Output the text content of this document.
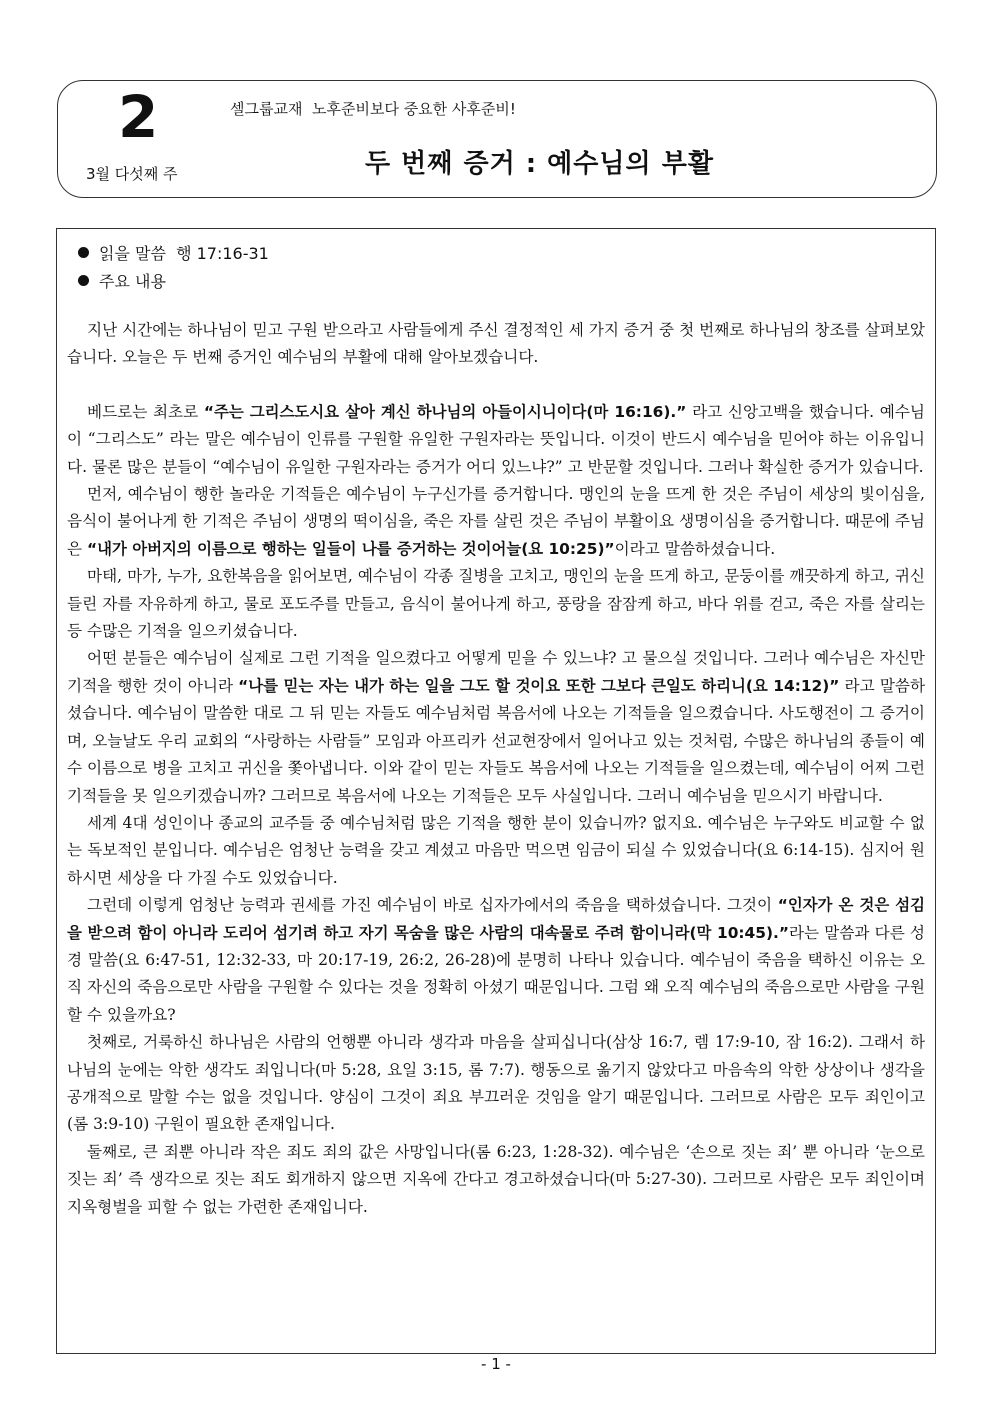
2
3월 다섯째 주
셀그룹교재  노후준비보다 중요한 사후준비!
두 번째 증거 : 예수님의 부활
읽을 말씀  행 17:16-31
주요 내용

지난 시간에는 하나님이 믿고 구원 받으라고 사람들에게 주신 결정적인 세 가지 증거 중 첫 번째로 하나님의 창조를 살펴보았습니다. 오늘은 두 번째 증거인 예수님의 부활에 대해 알아보겠습니다.

베드로는 최초로 “주는 그리스도시요 살아 계신 하나님의 아들이시니이다(마 16:16).” 라고 신앙고백을 했습니다. 예수님이 “그리스도” 라는 말은 예수님이 인류를 구원할 유일한 구원자라는 뜻입니다. 이것이 반드시 예수님을 믿어야 하는 이유입니다. 물론 많은 분들이 “예수님이 유일한 구원자라는 증거가 어디 있느냐?” 고 반문할 것입니다. 그러나 확실한 증거가 있습니다.

먼저, 예수님이 행한 놀라운 기적들은 예수님이 누구신가를 증거합니다. 맹인의 눈을 뜨게 한 것은 주님이 세상의 빛이심을, 음식이 불어나게 한 기적은 주님이 생명의 떡이심을, 죽은 자를 살린 것은 주님이 부활이요 생명이심을 증거합니다. 때문에 주님은 “내가 아버지의 이름으로 행하는 일들이 나를 증거하는 것이어늘(요 10:25)”이라고 말씀하셨습니다.

마태, 마가, 누가, 요한복음을 읽어보면, 예수님이 각종 질병을 고치고, 맹인의 눈을 뜨게 하고, 문둥이를 깨끗하게 하고, 귀신들린 자를 자유하게 하고, 물로 포도주를 만들고, 음식이 불어나게 하고, 풍랑을 잠잠케 하고, 바다 위를 걷고, 죽은 자를 살리는 등 수많은 기적을 일으키셨습니다.

어떤 분들은 예수님이 실제로 그런 기적을 일으켰다고 어떻게 믿을 수 있느냐? 고 물으실 것입니다. 그러나 예수님은 자신만 기적을 행한 것이 아니라 “나를 믿는 자는 내가 하는 일을 그도 할 것이요 또한 그보다 큰일도 하리니(요 14:12)” 라고 말씀하셨습니다. 예수님이 말씀한 대로 그 뒤 믿는 자들도 예수님처럼 복음서에 나오는 기적들을 일으켰습니다. 사도행전이 그 증거이며, 오늘날도 우리 교회의 “사랑하는 사람들” 모임과 아프리카 선교현장에서 일어나고 있는 것처럼, 수많은 하나님의 종들이 예수 이름으로 병을 고치고 귀신을 쫓아냅니다. 이와 같이 믿는 자들도 복음서에 나오는 기적들을 일으켰는데, 예수님이 어찌 그런 기적들을 못 일으키겠습니까? 그러므로 복음서에 나오는 기적들은 모두 사실입니다. 그러니 예수님을 믿으시기 바랍니다.

세계 4대 성인이나 종교의 교주들 중 예수님처럼 많은 기적을 행한 분이 있습니까? 없지요. 예수님은 누구와도 비교할 수 없는 독보적인 분입니다. 예수님은 엄청난 능력을 갖고 계셨고 마음만 먹으면 임금이 되실 수 있었습니다(요 6:14-15). 심지어 원하시면 세상을 다 가질 수도 있었습니다.

그런데 이렇게 엄청난 능력과 권세를 가진 예수님이 바로 십자가에서의 죽음을 택하셨습니다. 그것이 “인자가 온 것은 섬김을 받으려 함이 아니라 도리어 섬기려 하고 자기 목숨을 많은 사람의 대속물로 주려 함이니라(막 10:45).”라는 말씀과 다른 성경 말씀(요 6:47-51, 12:32-33, 마 20:17-19, 26:2, 26-28)에 분명히 나타나 있습니다. 예수님이 죽음을 택하신 이유는 오직 자신의 죽음으로만 사람을 구원할 수 있다는 것을 정확히 아셨기 때문입니다. 그럼 왜 오직 예수님의 죽음으로만 사람을 구원할 수 있을까요?

첫째로, 거룩하신 하나님은 사람의 언행뿐 아니라 생각과 마음을 살피십니다(삼상 16:7, 렘 17:9-10, 잠 16:2). 그래서 하나님의 눈에는 악한 생각도 죄입니다(마 5:28, 요일 3:15, 롬 7:7). 행동으로 옮기지 않았다고 마음속의 악한 상상이나 생각을 공개적으로 말할 수는 없을 것입니다. 양심이 그것이 죄요 부끄러운 것임을 알기 때문입니다. 그러므로 사람은 모두 죄인이고(롬 3:9-10) 구원이 필요한 존재입니다.

둘째로, 큰 죄뿐 아니라 작은 죄도 죄의 값은 사망입니다(롬 6:23, 1:28-32). 예수님은 ‘손으로 짓는 죄’ 뿐 아니라 ‘눈으로 짓는 죄’ 즉 생각으로 짓는 죄도 회개하지 않으면 지옥에 간다고 경고하셨습니다(마 5:27-30). 그러므로 사람은 모두 죄인이며 지옥형벌을 피할 수 없는 가련한 존재입니다.

- 1 -
